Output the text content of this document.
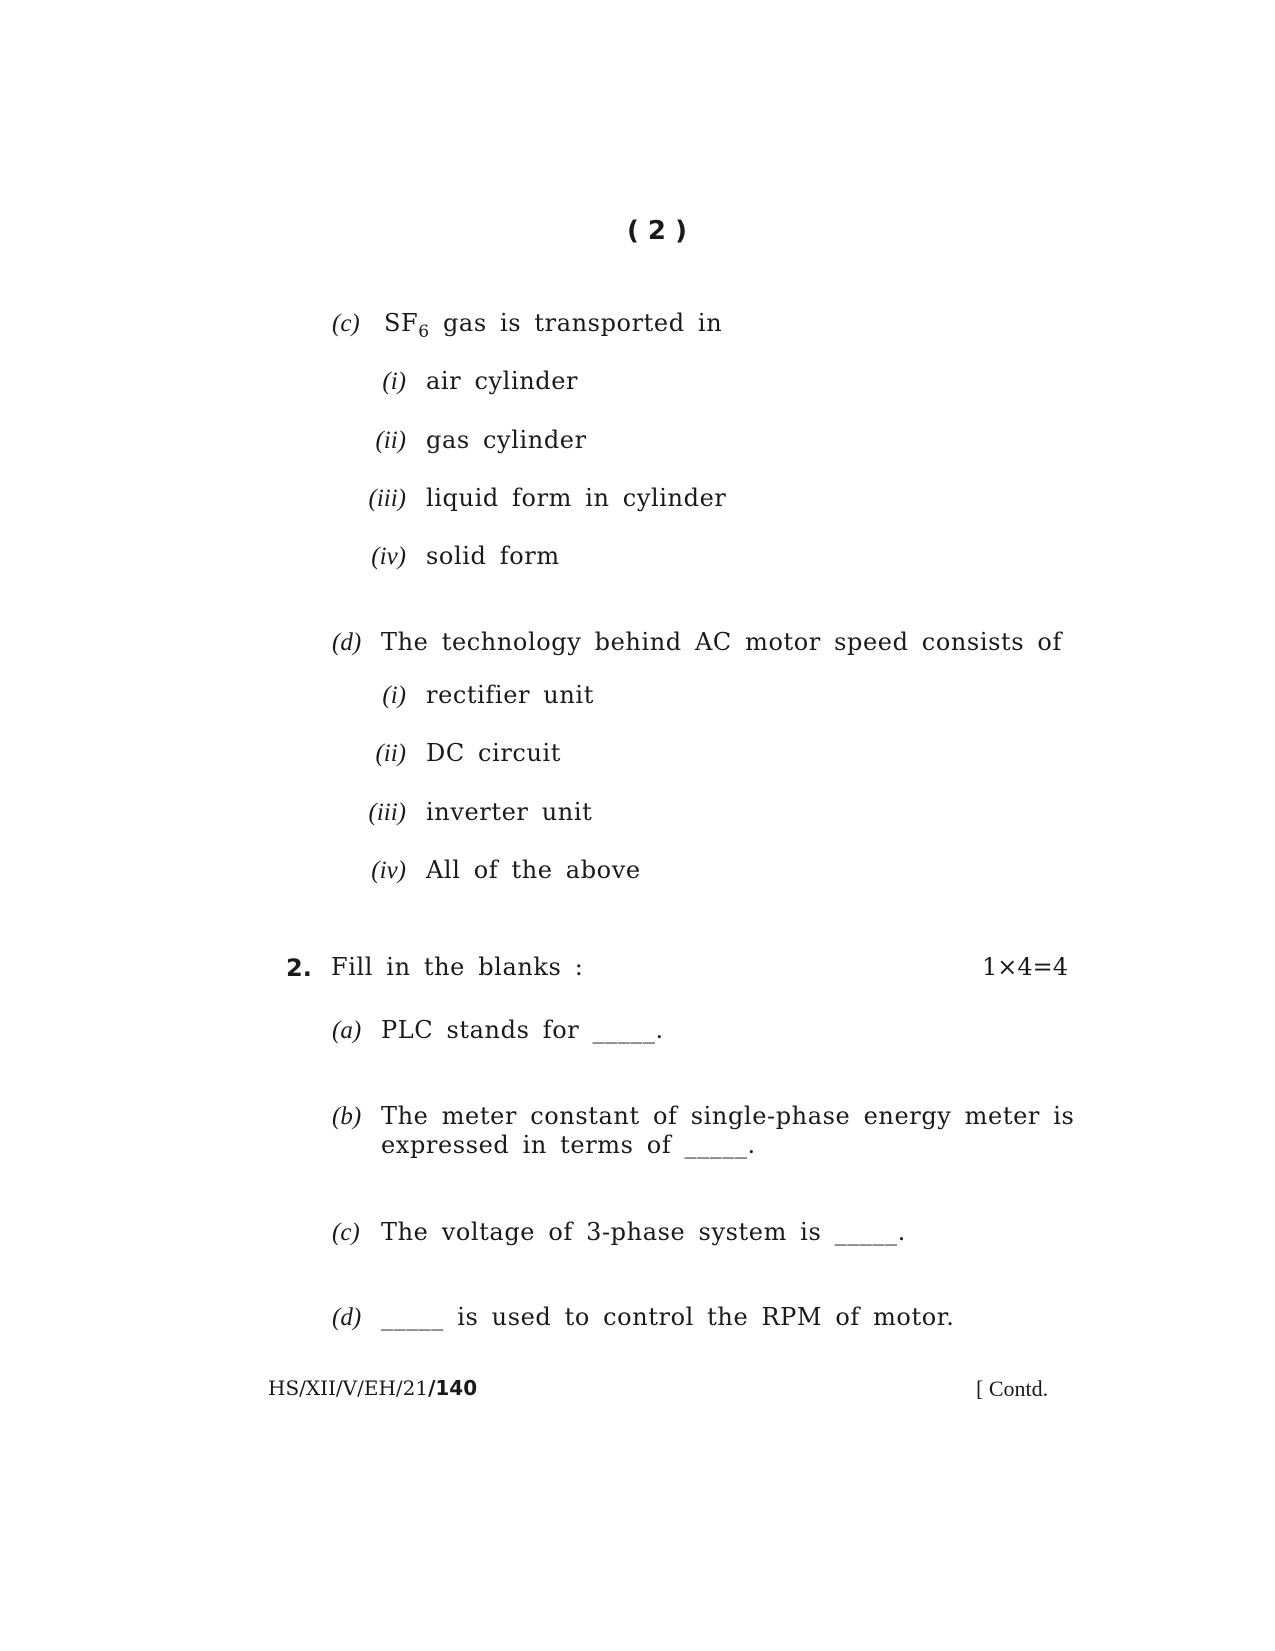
( 2 )
(c) $SF_6$ gas is transported in
(i) air cylinder
(ii) gas cylinder
(iii) liquid form in cylinder
(iv) solid form
(d) The technology behind AC motor speed consists of
(i) rectifier unit
(ii) DC circuit
(iii) inverter unit
(iv) All of the above
2. Fill in the blanks :	1×4=4
(a) PLC stands for _____.
(b) The meter constant of single-phase energy meter is
expressed in terms of _____.
(c) The voltage of 3-phase system is _____.
(d) _____ is used to control the RPM of motor.
HS/XII/V/EH/21/140	[ Contd.
